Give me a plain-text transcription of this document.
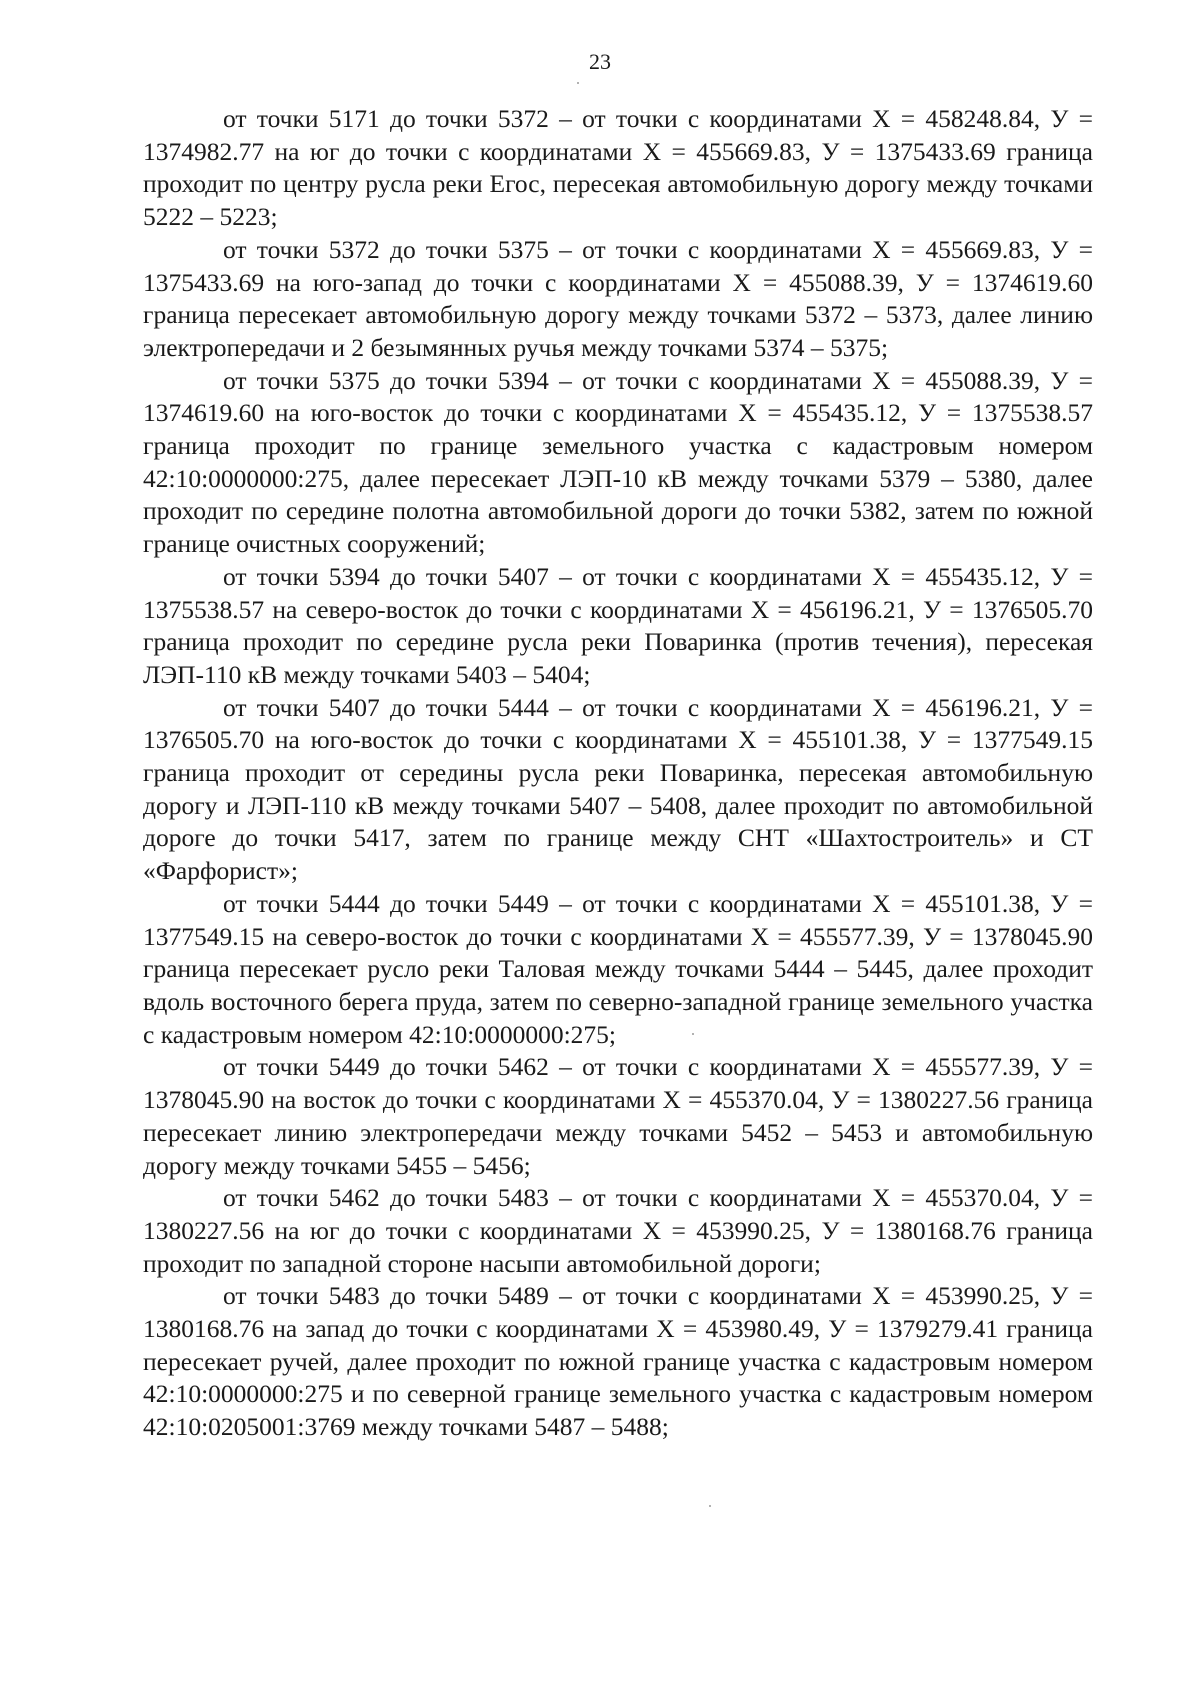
23

от точки 5171 до точки 5372 – от точки с координатами Х = 458248.84, У = 1374982.77 на юг до точки с координатами Х = 455669.83, У = 1375433.69 граница проходит по центру русла реки Егос, пересекая автомобильную дорогу между точками 5222 – 5223;

от точки 5372 до точки 5375 – от точки с координатами Х = 455669.83, У = 1375433.69 на юго-запад до точки с координатами Х = 455088.39, У = 1374619.60 граница пересекает автомобильную дорогу между точками 5372 – 5373, далее линию электропередачи и 2 безымянных ручья между точками 5374 – 5375;

от точки 5375 до точки 5394 – от точки с координатами Х = 455088.39, У = 1374619.60 на юго-восток до точки с координатами Х = 455435.12, У = 1375538.57 граница проходит по границе земельного участка с кадастровым номером 42:10:0000000:275, далее пересекает ЛЭП-10 кВ между точками 5379 – 5380, далее проходит по середине полотна автомобильной дороги до точки 5382, затем по южной границе очистных сооружений;

от точки 5394 до точки 5407 – от точки с координатами Х = 455435.12, У = 1375538.57 на северо-восток до точки с координатами Х = 456196.21, У = 1376505.70 граница проходит по середине русла реки Поваринка (против течения), пересекая ЛЭП-110 кВ между точками 5403 – 5404;

от точки 5407 до точки 5444 – от точки с координатами Х = 456196.21, У = 1376505.70 на юго-восток до точки с координатами Х = 455101.38, У = 1377549.15 граница проходит от середины русла реки Поваринка, пересекая автомобильную дорогу и ЛЭП-110 кВ между точками 5407 – 5408, далее проходит по автомобильной дороге до точки 5417, затем по границе между СНТ «Шахтостроитель» и СТ «Фарфорист»;

от точки 5444 до точки 5449 – от точки с координатами Х = 455101.38, У = 1377549.15 на северо-восток до точки с координатами Х = 455577.39, У = 1378045.90 граница пересекает русло реки Таловая между точками 5444 – 5445, далее проходит вдоль восточного берега пруда, затем по северно-западной границе земельного участка с кадастровым номером 42:10:0000000:275;

от точки 5449 до точки 5462 – от точки с координатами Х = 455577.39, У = 1378045.90 на восток до точки с координатами Х = 455370.04, У = 1380227.56 граница пересекает линию электропередачи между точками 5452 – 5453 и автомобильную дорогу между точками 5455 – 5456;

от точки 5462 до точки 5483 – от точки с координатами Х = 455370.04, У = 1380227.56 на юг до точки с координатами Х = 453990.25, У = 1380168.76 граница проходит по западной стороне насыпи автомобильной дороги;

от точки 5483 до точки 5489 – от точки с координатами Х = 453990.25, У = 1380168.76 на запад до точки с координатами Х = 453980.49, У = 1379279.41 граница пересекает ручей, далее проходит по южной границе участка с кадастровым номером 42:10:0000000:275 и по северной границе земельного участка с кадастровым номером 42:10:0205001:3769 между точками 5487 – 5488;
